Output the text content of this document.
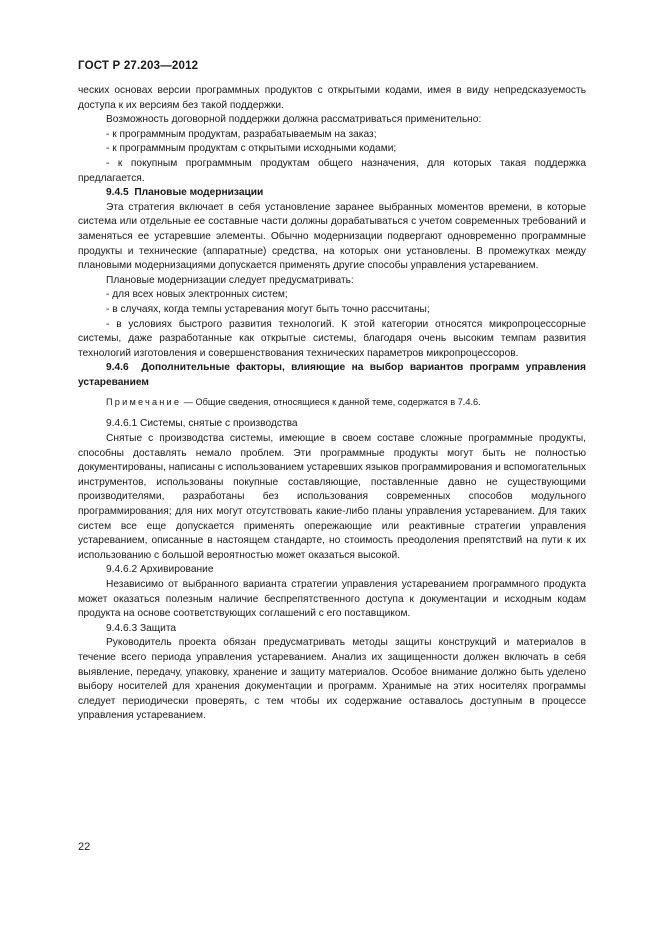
ГОСТ Р 27.203—2012

ческих основах версии программных продуктов с открытыми кодами, имея в виду непредсказуемость доступа к их версиям без такой поддержки.

Возможность договорной поддержки должна рассматриваться применительно:

- к программным продуктам, разрабатываемым на заказ;

- к программным продуктам с открытыми исходными кодами;

- к покупным программным продуктам общего назначения, для которых такая поддержка предлагается.

9.4.5 Плановые модернизации

Эта стратегия включает в себя установление заранее выбранных моментов времени, в которые система или отдельные ее составные части должны дорабатываться с учетом современных требований и заменяться ее устаревшие элементы. Обычно модернизации подвергают одновременно программные продукты и технические (аппаратные) средства, на которых они установлены. В промежутках между плановыми модернизациями допускается применять другие способы управления устареванием.

Плановые модернизации следует предусматривать:

- для всех новых электронных систем;

- в случаях, когда темпы устаревания могут быть точно рассчитаны;

- в условиях быстрого развития технологий. К этой категории относятся микропроцессорные системы, даже разработанные как открытые системы, благодаря очень высоким темпам развития технологий изготовления и совершенствования технических параметров микропроцессоров.

9.4.6 Дополнительные факторы, влияющие на выбор вариантов программ управления устареванием

Примечание — Общие сведения, относящиеся к данной теме, содержатся в 7.4.6.

9.4.6.1 Системы, снятые с производства

Снятые с производства системы, имеющие в своем составе сложные программные продукты, способны доставлять немало проблем. Эти программные продукты могут быть не полностью документированы, написаны с использованием устаревших языков программирования и вспомогательных инструментов, использованы покупные составляющие, поставленные давно не существующими производителями, разработаны без использования современных способов модульного программирования; для них могут отсутствовать какие-либо планы управления устареванием. Для таких систем все еще допускается применять опережающие или реактивные стратегии управления устареванием, описанные в настоящем стандарте, но стоимость преодоления препятствий на пути к их использованию с большой вероятностью может оказаться высокой.

9.4.6.2 Архивирование

Независимо от выбранного варианта стратегии управления устареванием программного продукта может оказаться полезным наличие беспрепятственного доступа к документации и исходным кодам продукта на основе соответствующих соглашений с его поставщиком.

9.4.6.3 Защита

Руководитель проекта обязан предусматривать методы защиты конструкций и материалов в течение всего периода управления устареванием. Анализ их защищенности должен включать в себя выявление, передачу, упаковку, хранение и защиту материалов. Особое внимание должно быть уделено выбору носителей для хранения документации и программ. Хранимые на этих носителях программы следует периодически проверять, с тем чтобы их содержание оставалось доступным в процессе управления устареванием.

22
